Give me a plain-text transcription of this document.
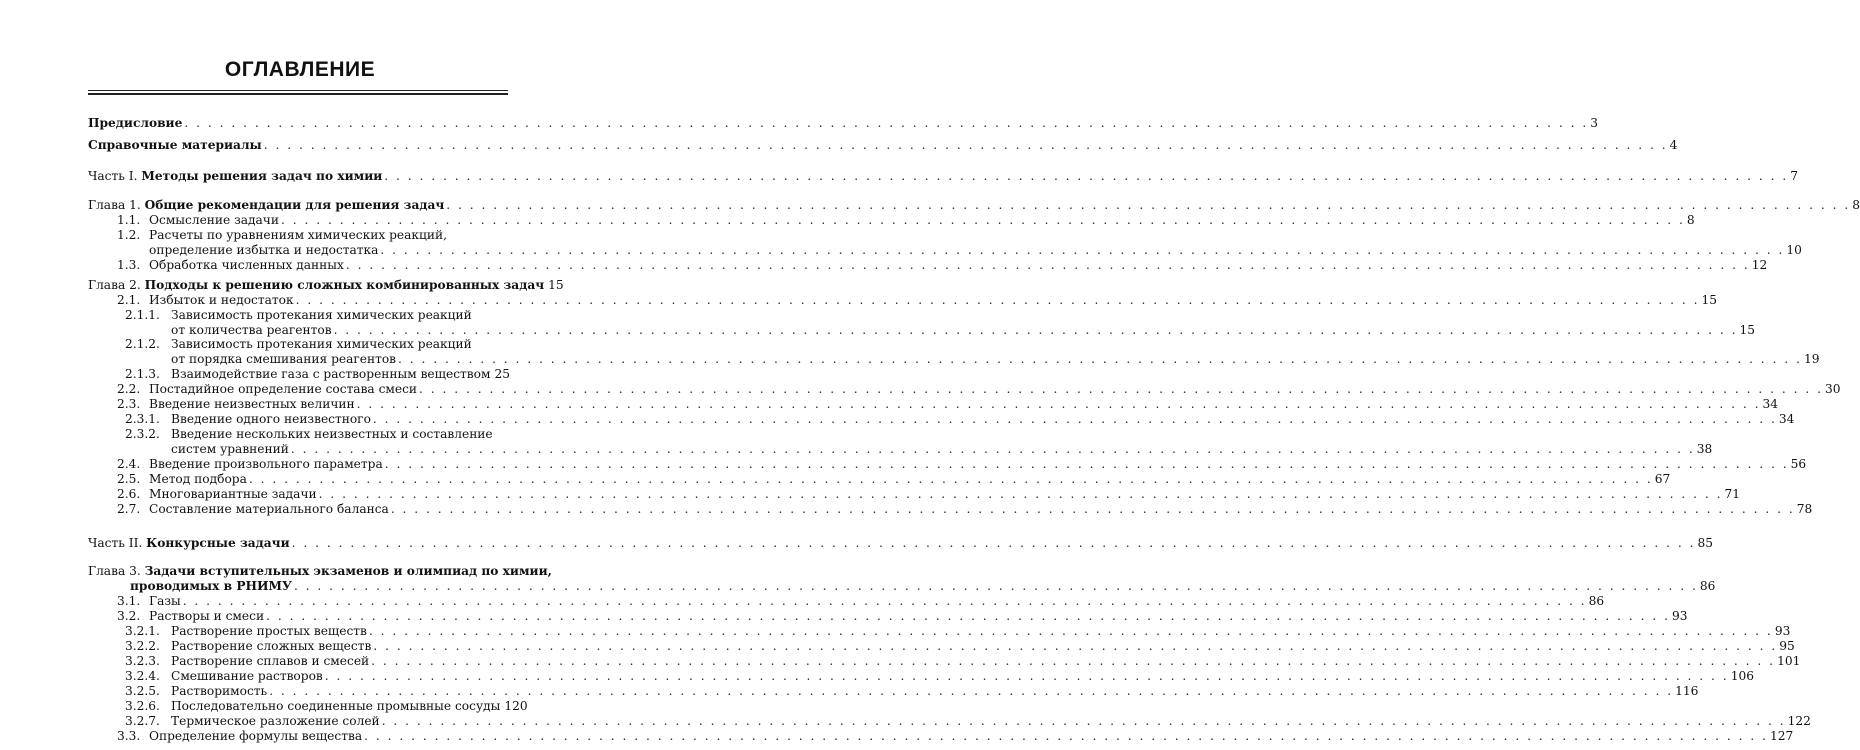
ОГЛАВЛЕНИЕ
Предисловие . . . . . . . . . . . . . . . . . . . . . . . . . . . . . . . . . . . . . . . . . . . . . . . . . . . . . . . . . . . . . . . . . . . . . . . . . . . . . . . . . . . . . . . . . . . . . . . . . . . . . . . . . . . . . . . . . . . . . . . . 3
Справочные материалы . . . . . . . . . . . . . . . . . . . . . . . . . . . . . . . . . . . . . . . . . . . . . . . . . . . . . . . . . . . . . . . . . . . . . . . . . . . . . . . . . . . . . . . . . . . . . . . . . . . . . . . . . . . . . . . . . . . . . . . . 4
Часть I. Методы решения задач по химии . . . . . . . . . . . . . . . . . . . . . . . . . . . . . . . . . . . . . . . . . . . . . . . . . . . . . . . . . . . . . . . . . . . . . . . . . . . . . . . . . . . . . . . . . . . . . . . . . . . . . . . . . . . . . . . . . . . . . . . . 7
Глава 1. Общие рекомендации для решения задач . . . . . . . . . . . . . . . . . . . . . . . . . . . . . . . . . . . . . . . . . . . . . . . . . . . . . . . . . . . . . . . . . . . . . . . . . . . . . . . . . . . . . . . . . . . . . . . . . . . . . . . . . . . . . . . . . . . . . . . . 8
1.1. Осмысление задачи . . . . . . . . . . . . . . . . . . . . . . . . . . . . . . . . . . . . . . . . . . . . . . . . . . . . . . . . . . . . . . . . . . . . . . . . . . . . . . . . . . . . . . . . . . . . . . . . . . . . . . . . . . . . . . . . . . . . . . . . 8
1.2. Расчеты по уравнениям химических реакций,
определение избытка и недостатка . . . . . . . . . . . . . . . . . . . . . . . . . . . . . . . . . . . . . . . . . . . . . . . . . . . . . . . . . . . . . . . . . . . . . . . . . . . . . . . . . . . . . . . . . . . . . . . . . . . . . . . . . . . . . . . . . . . . . . . . 10
1.3. Обработка численных данных . . . . . . . . . . . . . . . . . . . . . . . . . . . . . . . . . . . . . . . . . . . . . . . . . . . . . . . . . . . . . . . . . . . . . . . . . . . . . . . . . . . . . . . . . . . . . . . . . . . . . . . . . . . . . . . . . . . . . . . . 12
Глава 2. Подходы к решению сложных комбинированных задач 15
2.1. Избыток и недостаток . . . . . . . . . . . . . . . . . . . . . . . . . . . . . . . . . . . . . . . . . . . . . . . . . . . . . . . . . . . . . . . . . . . . . . . . . . . . . . . . . . . . . . . . . . . . . . . . . . . . . . . . . . . . . . . . . . . . . . . . 15
2.1.1. Зависимость протекания химических реакций
от количества реагентов . . . . . . . . . . . . . . . . . . . . . . . . . . . . . . . . . . . . . . . . . . . . . . . . . . . . . . . . . . . . . . . . . . . . . . . . . . . . . . . . . . . . . . . . . . . . . . . . . . . . . . . . . . . . . . . . . . . . . . . . 15
2.1.2. Зависимость протекания химических реакций
от порядка смешивания реагентов . . . . . . . . . . . . . . . . . . . . . . . . . . . . . . . . . . . . . . . . . . . . . . . . . . . . . . . . . . . . . . . . . . . . . . . . . . . . . . . . . . . . . . . . . . . . . . . . . . . . . . . . . . . . . . . . . . . . . . . . 19
2.1.3. Взаимодействие газа с растворенным веществом 25
2.2. Постадийное определение состава смеси . . . . . . . . . . . . . . . . . . . . . . . . . . . . . . . . . . . . . . . . . . . . . . . . . . . . . . . . . . . . . . . . . . . . . . . . . . . . . . . . . . . . . . . . . . . . . . . . . . . . . . . . . . . . . . . . . . . . . . . . 30
2.3. Введение неизвестных величин . . . . . . . . . . . . . . . . . . . . . . . . . . . . . . . . . . . . . . . . . . . . . . . . . . . . . . . . . . . . . . . . . . . . . . . . . . . . . . . . . . . . . . . . . . . . . . . . . . . . . . . . . . . . . . . . . . . . . . . . 34
2.3.1. Введение одного неизвестного . . . . . . . . . . . . . . . . . . . . . . . . . . . . . . . . . . . . . . . . . . . . . . . . . . . . . . . . . . . . . . . . . . . . . . . . . . . . . . . . . . . . . . . . . . . . . . . . . . . . . . . . . . . . . . . . . . . . . . . . 34
2.3.2. Введение нескольких неизвестных и составление
систем уравнений . . . . . . . . . . . . . . . . . . . . . . . . . . . . . . . . . . . . . . . . . . . . . . . . . . . . . . . . . . . . . . . . . . . . . . . . . . . . . . . . . . . . . . . . . . . . . . . . . . . . . . . . . . . . . . . . . . . . . . . . 38
2.4. Введение произвольного параметра . . . . . . . . . . . . . . . . . . . . . . . . . . . . . . . . . . . . . . . . . . . . . . . . . . . . . . . . . . . . . . . . . . . . . . . . . . . . . . . . . . . . . . . . . . . . . . . . . . . . . . . . . . . . . . . . . . . . . . . . 56
2.5. Метод подбора . . . . . . . . . . . . . . . . . . . . . . . . . . . . . . . . . . . . . . . . . . . . . . . . . . . . . . . . . . . . . . . . . . . . . . . . . . . . . . . . . . . . . . . . . . . . . . . . . . . . . . . . . . . . . . . . . . . . . . . . 67
2.6. Многовариантные задачи . . . . . . . . . . . . . . . . . . . . . . . . . . . . . . . . . . . . . . . . . . . . . . . . . . . . . . . . . . . . . . . . . . . . . . . . . . . . . . . . . . . . . . . . . . . . . . . . . . . . . . . . . . . . . . . . . . . . . . . . 71
2.7. Составление материального баланса . . . . . . . . . . . . . . . . . . . . . . . . . . . . . . . . . . . . . . . . . . . . . . . . . . . . . . . . . . . . . . . . . . . . . . . . . . . . . . . . . . . . . . . . . . . . . . . . . . . . . . . . . . . . . . . . . . . . . . . . 78
Часть II. Конкурсные задачи . . . . . . . . . . . . . . . . . . . . . . . . . . . . . . . . . . . . . . . . . . . . . . . . . . . . . . . . . . . . . . . . . . . . . . . . . . . . . . . . . . . . . . . . . . . . . . . . . . . . . . . . . . . . . . . . . . . . . . . . 85
Глава 3. Задачи вступительных экзаменов и олимпиад по химии,
проводимых в РНИМУ . . . . . . . . . . . . . . . . . . . . . . . . . . . . . . . . . . . . . . . . . . . . . . . . . . . . . . . . . . . . . . . . . . . . . . . . . . . . . . . . . . . . . . . . . . . . . . . . . . . . . . . . . . . . . . . . . . . . . . . . 86
3.1. Газы . . . . . . . . . . . . . . . . . . . . . . . . . . . . . . . . . . . . . . . . . . . . . . . . . . . . . . . . . . . . . . . . . . . . . . . . . . . . . . . . . . . . . . . . . . . . . . . . . . . . . . . . . . . . . . . . . . . . . . . . 86
3.2. Растворы и смеси . . . . . . . . . . . . . . . . . . . . . . . . . . . . . . . . . . . . . . . . . . . . . . . . . . . . . . . . . . . . . . . . . . . . . . . . . . . . . . . . . . . . . . . . . . . . . . . . . . . . . . . . . . . . . . . . . . . . . . . . 93
3.2.1. Растворение простых веществ . . . . . . . . . . . . . . . . . . . . . . . . . . . . . . . . . . . . . . . . . . . . . . . . . . . . . . . . . . . . . . . . . . . . . . . . . . . . . . . . . . . . . . . . . . . . . . . . . . . . . . . . . . . . . . . . . . . . . . . . 93
3.2.2. Растворение сложных веществ . . . . . . . . . . . . . . . . . . . . . . . . . . . . . . . . . . . . . . . . . . . . . . . . . . . . . . . . . . . . . . . . . . . . . . . . . . . . . . . . . . . . . . . . . . . . . . . . . . . . . . . . . . . . . . . . . . . . . . . . 95
3.2.3. Растворение сплавов и смесей . . . . . . . . . . . . . . . . . . . . . . . . . . . . . . . . . . . . . . . . . . . . . . . . . . . . . . . . . . . . . . . . . . . . . . . . . . . . . . . . . . . . . . . . . . . . . . . . . . . . . . . . . . . . . . . . . . . . . . . . 101
3.2.4. Смешивание растворов . . . . . . . . . . . . . . . . . . . . . . . . . . . . . . . . . . . . . . . . . . . . . . . . . . . . . . . . . . . . . . . . . . . . . . . . . . . . . . . . . . . . . . . . . . . . . . . . . . . . . . . . . . . . . . . . . . . . . . . . 106
3.2.5. Растворимость . . . . . . . . . . . . . . . . . . . . . . . . . . . . . . . . . . . . . . . . . . . . . . . . . . . . . . . . . . . . . . . . . . . . . . . . . . . . . . . . . . . . . . . . . . . . . . . . . . . . . . . . . . . . . . . . . . . . . . . . 116
3.2.6. Последовательно соединенные промывные сосуды 120
3.2.7. Термическое разложение солей . . . . . . . . . . . . . . . . . . . . . . . . . . . . . . . . . . . . . . . . . . . . . . . . . . . . . . . . . . . . . . . . . . . . . . . . . . . . . . . . . . . . . . . . . . . . . . . . . . . . . . . . . . . . . . . . . . . . . . . . 122
3.3. Определение формулы вещества . . . . . . . . . . . . . . . . . . . . . . . . . . . . . . . . . . . . . . . . . . . . . . . . . . . . . . . . . . . . . . . . . . . . . . . . . . . . . . . . . . . . . . . . . . . . . . . . . . . . . . . . . . . . . . . . . . . . . . . . 127
